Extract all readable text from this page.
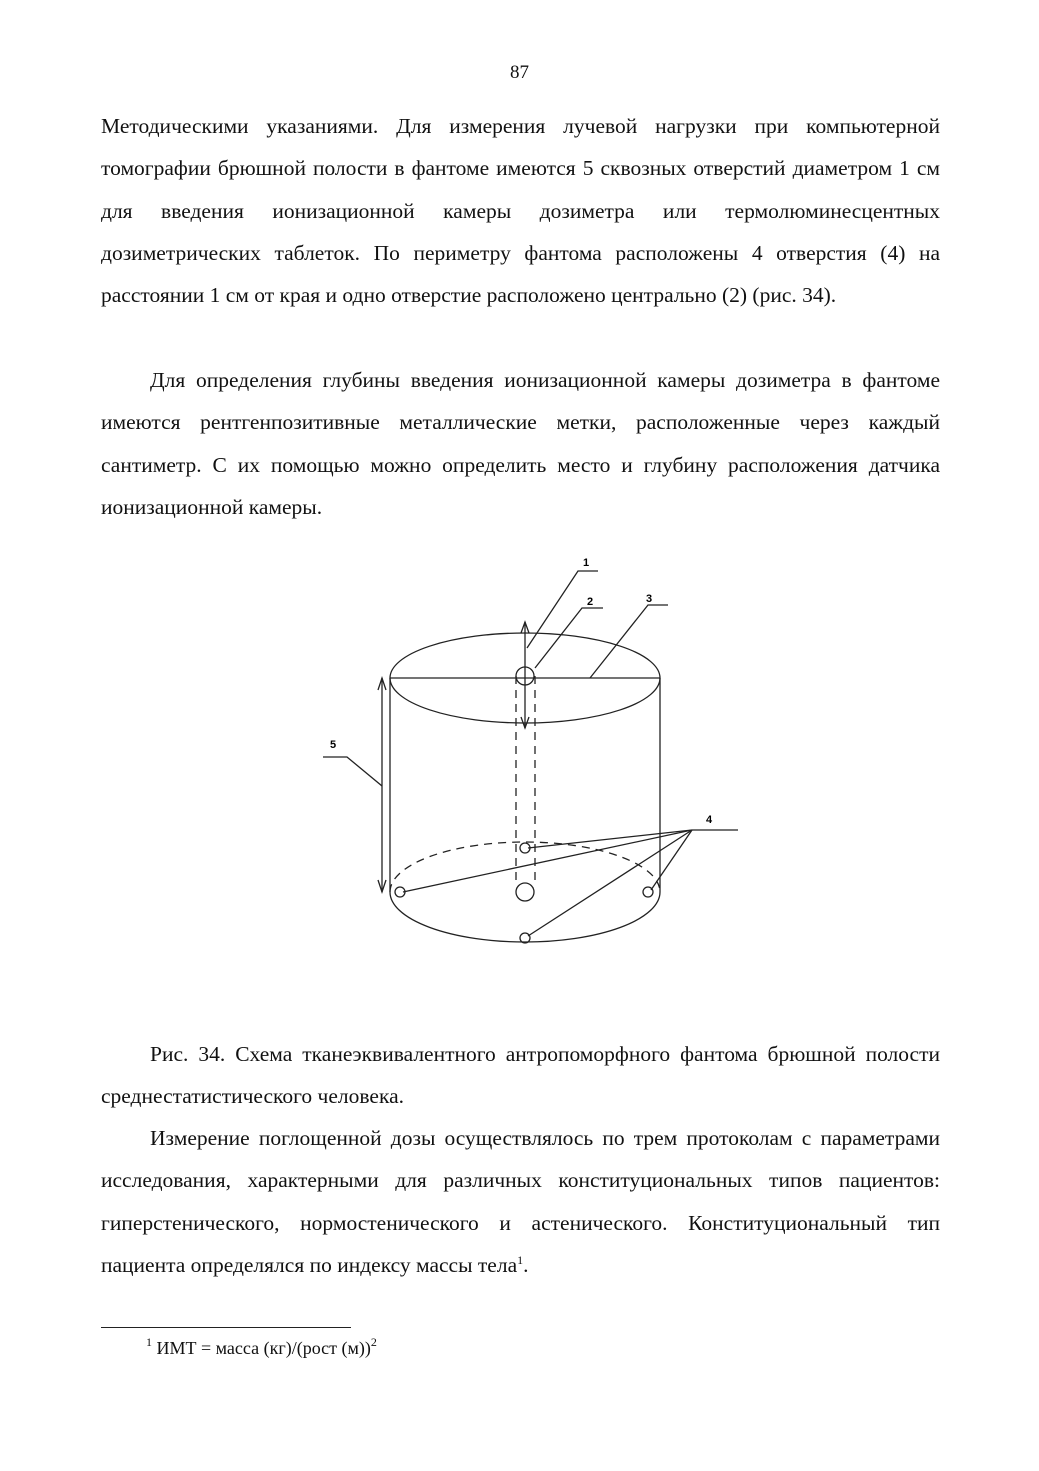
87

Методическими указаниями. Для измерения лучевой нагрузки при компьютерной томографии брюшной полости в фантоме имеются 5 сквозных отверстий диаметром 1 см для введения ионизационной камеры дозиметра или термолюминесцентных дозиметрических таблеток. По периметру фантома расположены 4 отверстия (4) на расстоянии 1 см от края и одно отверстие расположено центрально (2) (рис. 34).

Для определения глубины введения ионизационной камеры дозиметра в фантоме имеются рентгенпозитивные металлические метки, расположенные через каждый сантиметр. С их помощью можно определить место и глубину расположения датчика ионизационной камеры.

1
2	3
4
5

Рис. 34. Схема тканеэквивалентного антропоморфного фантома брюшной полости среднестатистического человека.

Измерение поглощенной дозы осуществлялось по трем протоколам с параметрами исследования, характерными для различных конституциональных типов пациентов: гиперстенического, нормостенического и астенического. Конституциональный тип пациента определялся по индексу массы тела$^1$.

$^1$ ИМТ = масса (кг)/(рост (м))$^2$
